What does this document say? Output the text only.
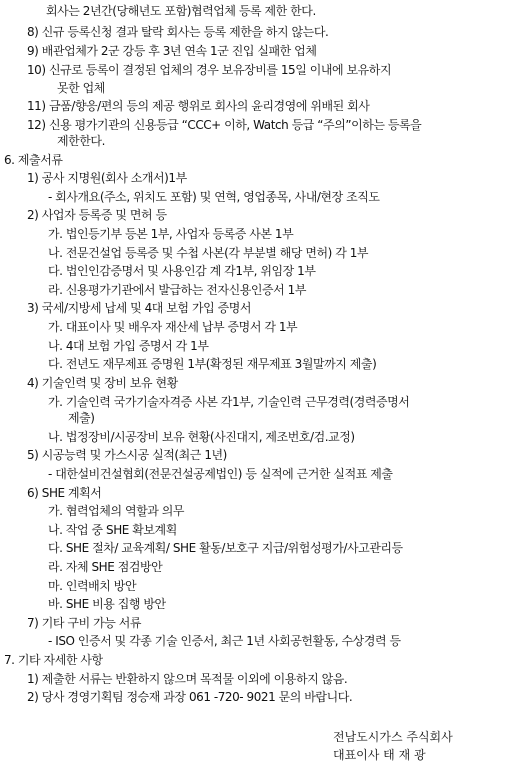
회사는 2년간(당해년도 포함)협력업체 등록 제한 한다.
8) 신규 등록신청 결과 탈락 회사는 등록 제한을 하지 않는다.
9) 배관업체가 2군 강등 후 3년 연속 1군 진입 실패한 업체
10) 신규로 등록이 결정된 업체의 경우 보유장비를 15일 이내에 보유하지
못한 업체
11) 금품/향응/편의 등의 제공 행위로 회사의 윤리경영에 위배된 회사
12) 신용 평가기관의 신용등급 “CCC+ 이하, Watch 등급 “주의”이하는 등록을
제한한다.
6. 제출서류
1) 공사 지명원(회사 소개서)1부
- 회사개요(주소, 위치도 포함) 및 연혁, 영업종목, 사내/현장 조직도
2) 사업자 등록증 및 면허 등
가. 법인등기부 등본 1부, 사업자 등록증 사본 1부
나. 전문건설업 등록증 및 수첩 사본(각 부분별 해당 면허) 각 1부
다. 법인인감증명서 및 사용인감 계 각1부, 위임장 1부
라. 신용평가기관에서 발급하는 전자신용인증서 1부
3) 국세/지방세 납세 및 4대 보험 가입 증명서
가. 대표이사 및 배우자 재산세 납부 증명서 각 1부
나. 4대 보험 가입 증명서 각 1부
다. 전년도 재무제표 증명원 1부(확정된 재무제표 3월말까지 제출)
4) 기술인력 및 장비 보유 현황
가. 기술인력 국가기술자격증 사본 각1부, 기술인력 근무경력(경력증명서
제출)
나. 법정장비/시공장비 보유 현황(사진대지, 제조번호/검.교정)
5) 시공능력 및 가스시공 실적(최근 1년)
- 대한설비건설협회(전문건설공제법인) 등 실적에 근거한 실적표 제출
6) SHE 계획서
가. 협력업체의 역할과 의무
나. 작업 중 SHE 확보계획
다. SHE 절차/ 교육계획/ SHE 활동/보호구 지급/위험성평가/사고관리등
라. 자체 SHE 점검방안
마. 인력배치 방안
바. SHE 비용 집행 방안
7) 기타 구비 가능 서류
- ISO 인증서 및 각종 기술 인증서, 최근 1년 사회공헌활동, 수상경력 등
7. 기타 자세한 사항
1) 제출한 서류는 반환하지 않으며 목적물 이외에 이용하지 않음.
2) 당사 경영기획팀 정승재 과장 061 -720- 9021 문의 바랍니다.
전남도시가스 주식회사
대표이사 태 재 광
